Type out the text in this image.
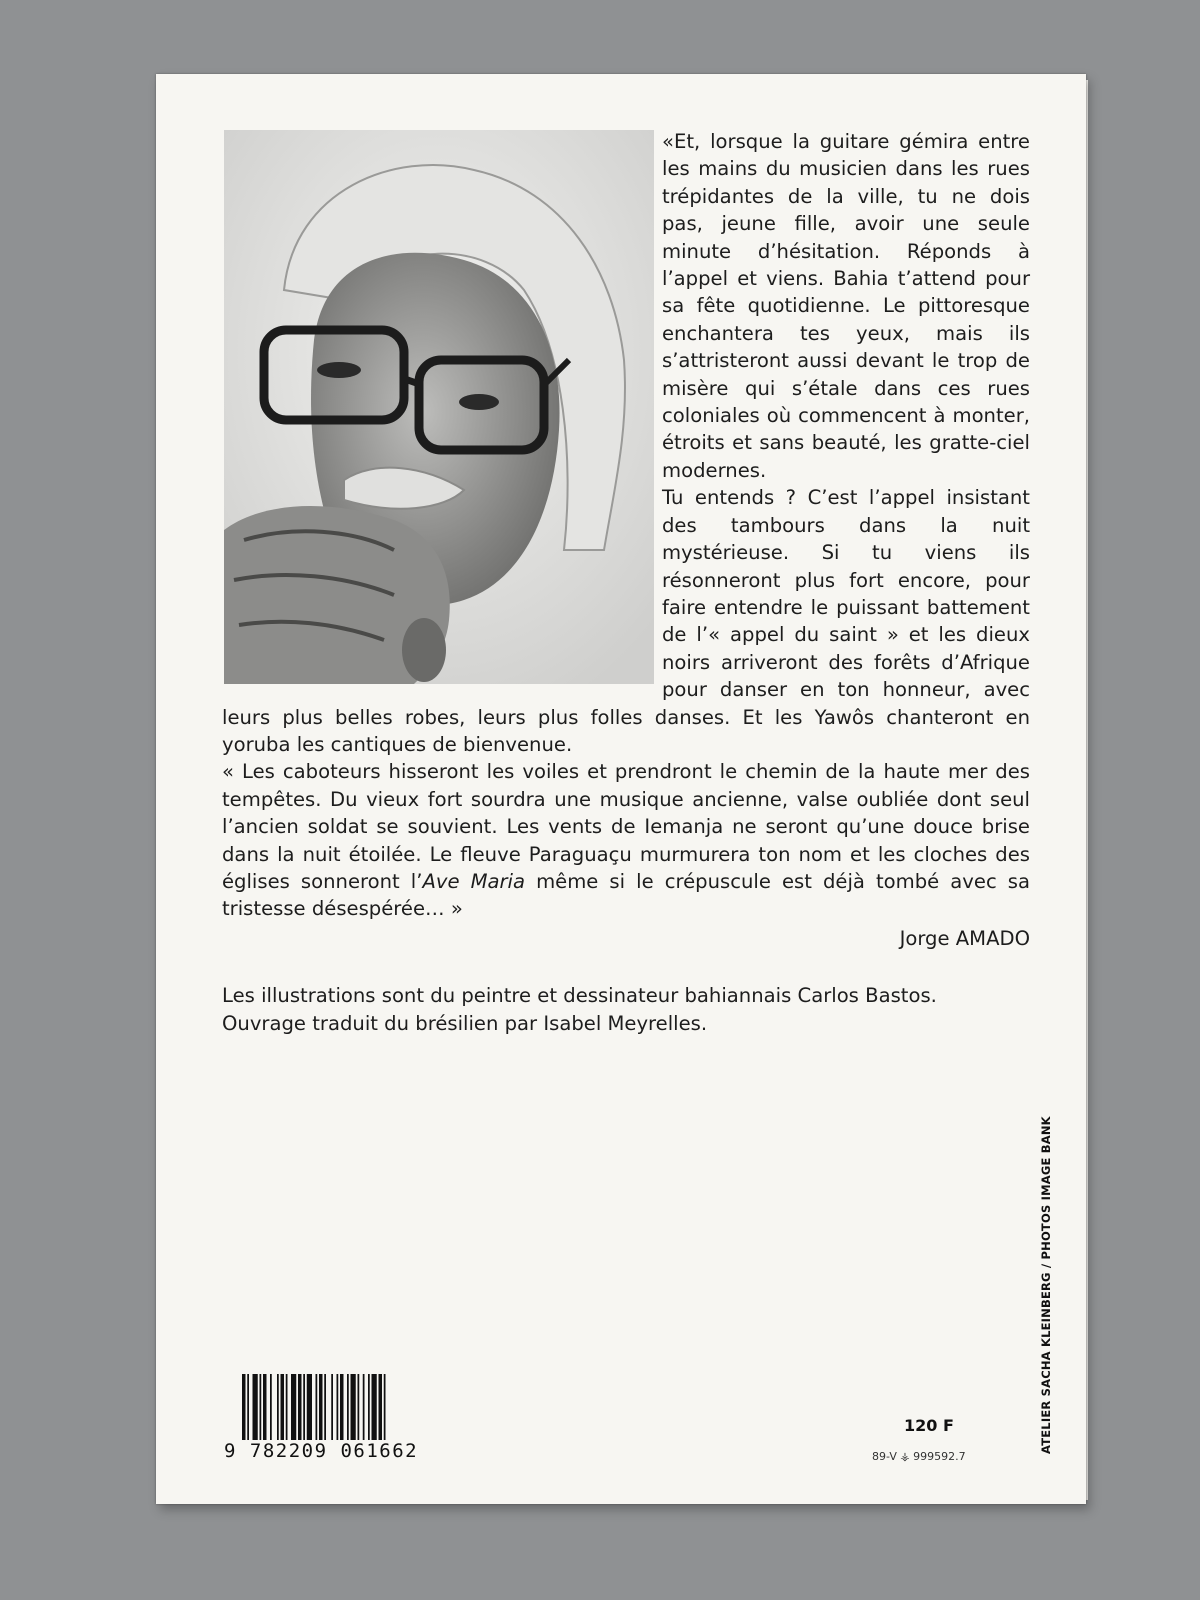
«Et, lorsque la guitare gémira entre les mains du musicien dans les rues trépidantes de la ville, tu ne dois pas, jeune fille, avoir une seule minute d’hésitation. Réponds à l’appel et viens. Bahia t’attend pour sa fête quotidienne. Le pittoresque enchantera tes yeux, mais ils s’attristeront aussi devant le trop de misère qui s’étale dans ces rues coloniales où commencent à monter, étroits et sans beauté, les gratte-ciel modernes.

Tu entends ? C’est l’appel insistant des tambours dans la nuit mystérieuse. Si tu viens ils résonneront plus fort encore, pour faire entendre le puissant battement de l’« appel du saint » et les dieux noirs arriveront des forêts d’Afrique pour danser en ton honneur, avec leurs plus belles robes, leurs plus folles danses. Et les Yawôs chanteront en yoruba les cantiques de bienvenue.

« Les caboteurs hisseront les voiles et prendront le chemin de la haute mer des tempêtes. Du vieux fort sourdra une musique ancienne, valse oubliée dont seul l’ancien soldat se souvient. Les vents de Iemanja ne seront qu’une douce brise dans la nuit étoilée. Le fleuve Paraguaçu murmurera ton nom et les cloches des églises sonneront l’Ave Maria même si le crépuscule est déjà tombé avec sa tristesse désespérée… »

Jorge AMADO
Les illustrations sont du peintre et dessinateur bahiannais Carlos Bastos.
Ouvrage traduit du brésilien par Isabel Meyrelles.
9 782209 061662
120 F
89-V ⚶ 999592.7
ATELIER SACHA KLEINBERG / PHOTOS IMAGE BANK
